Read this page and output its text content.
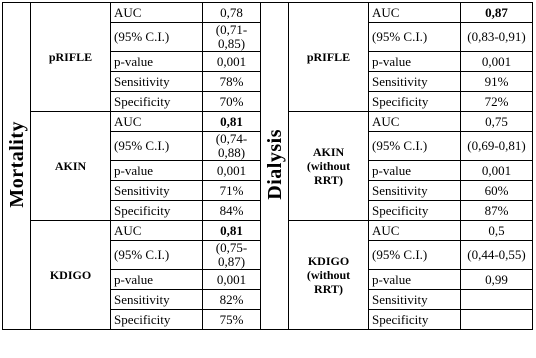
Mortality	pRIFLE	AUC	0,78	Dialysis	pRIFLE	AUC	0,87
		(95% C.I.)	(0,71-0,85)			(95% C.I.)	(0,83-0,91)
		p-value	0,001			p-value	0,001
		Sensitivity	78%			Sensitivity	91%
		Specificity	70%			Specificity	72%
	AKIN	AUC	0,81		AKIN (without RRT)	AUC	0,75
		(95% C.I.)	(0,74-0,88)			(95% C.I.)	(0,69-0,81)
		p-value	0,001			p-value	0,001
		Sensitivity	71%			Sensitivity	60%
		Specificity	84%			Specificity	87%
	KDIGO	AUC	0,81		KDIGO (without RRT)	AUC	0,5
		(95% C.I.)	(0,75-0,87)			(95% C.I.)	(0,44-0,55)
		p-value	0,001			p-value	0,99
		Sensitivity	82%			Sensitivity	
		Specificity	75%			Specificity	
